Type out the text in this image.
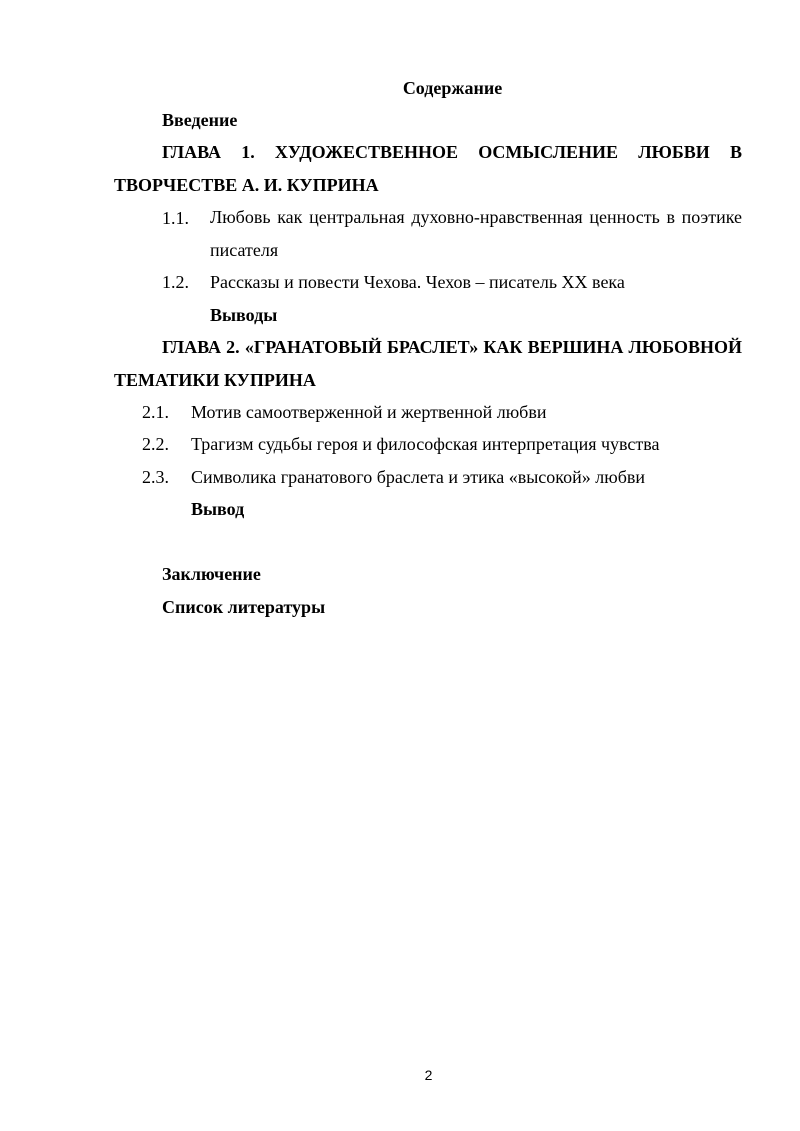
Содержание
Введение
ГЛАВА 1. ХУДОЖЕСТВЕННОЕ ОСМЫСЛЕНИЕ ЛЮБВИ В ТВОРЧЕСТВЕ А. И. КУПРИНА
1.1. Любовь как центральная духовно-нравственная ценность в поэтике писателя
1.2. Рассказы и повести Чехова. Чехов – писатель XX века
Выводы
ГЛАВА 2. «ГРАНАТОВЫЙ БРАСЛЕТ» КАК ВЕРШИНА ЛЮБОВНОЙ ТЕМАТИКИ КУПРИНА
2.1. Мотив самоотверженной и жертвенной любви
2.2. Трагизм судьбы героя и философская интерпретация чувства
2.3. Символика гранатового браслета и этика «высокой» любви
Вывод
Заключение
Список литературы
2
